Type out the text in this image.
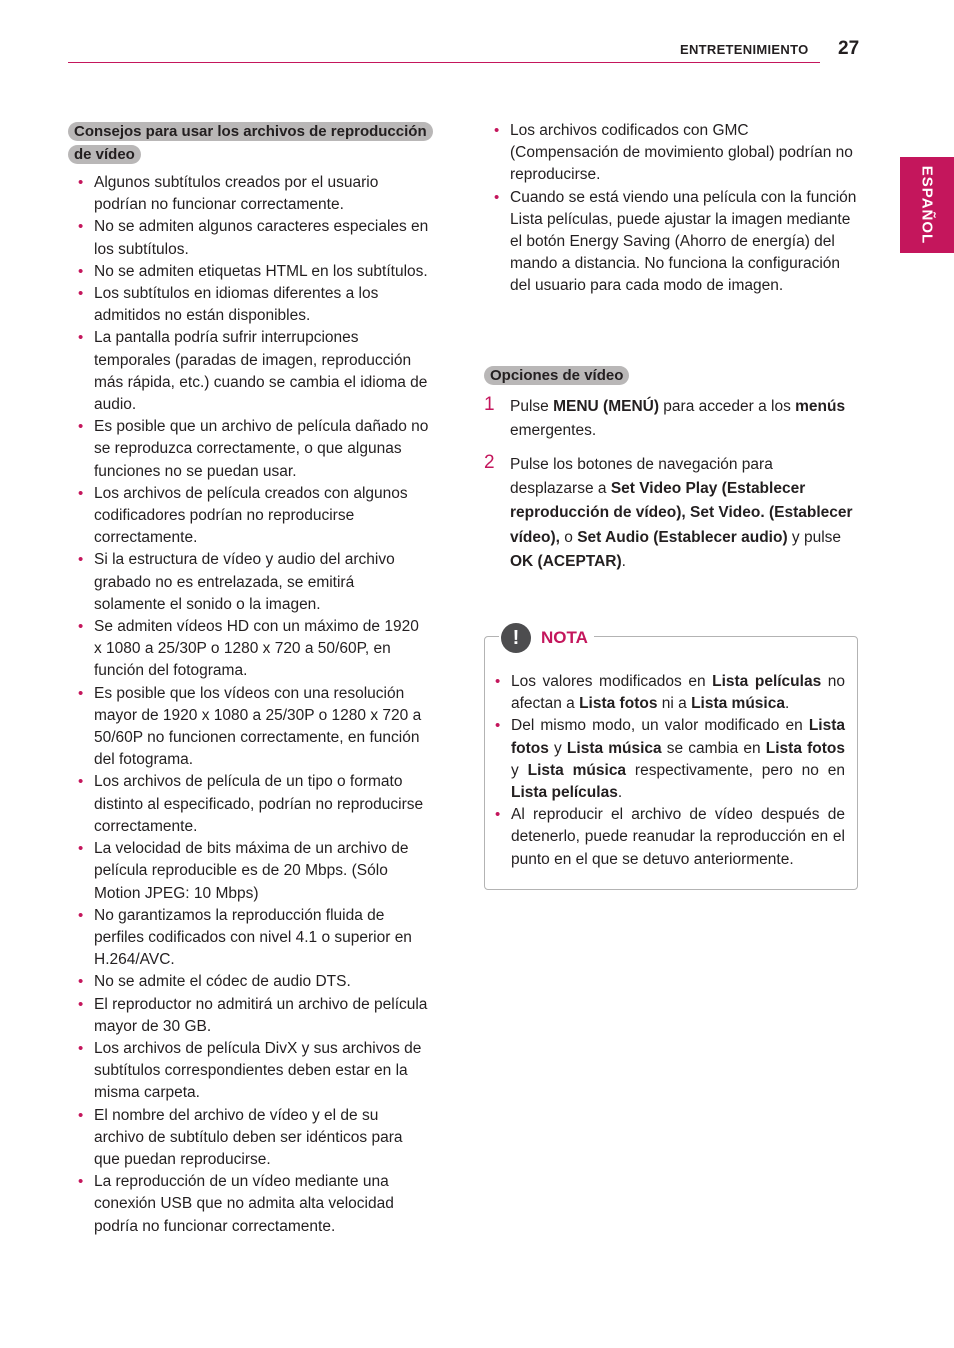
ENTRETENIMIENTO 27
ESPAÑOL
Consejos para usar los archivos de reproducción de vídeo
• Algunos subtítulos creados por el usuario podrían no funcionar correctamente.
• No se admiten algunos caracteres especiales en los subtítulos.
• No se admiten etiquetas HTML en los subtítulos.
• Los subtítulos en idiomas diferentes a los admitidos no están disponibles.
• La pantalla podría sufrir interrupciones temporales (paradas de imagen, reproducción más rápida, etc.) cuando se cambia el idioma de audio.
• Es posible que un archivo de película dañado no se reproduzca correctamente, o que algunas funciones no se puedan usar.
• Los archivos de película creados con algunos codificadores podrían no reproducirse correctamente.
• Si la estructura de vídeo y audio del archivo grabado no es entrelazada, se emitirá solamente el sonido o la imagen.
• Se admiten vídeos HD con un máximo de 1920 x 1080 a 25/30P o 1280 x 720 a 50/60P, en función del fotograma.
• Es posible que los vídeos con una resolución mayor de 1920 x 1080 a 25/30P o 1280 x 720 a 50/60P no funcionen correctamente, en función del fotograma.
• Los archivos de película de un tipo o formato distinto al especificado, podrían no reproducirse correctamente.
• La velocidad de bits máxima de un archivo de película reproducible es de 20 Mbps. (Sólo Motion JPEG: 10 Mbps)
• No garantizamos la reproducción fluida de perfiles codificados con nivel 4.1 o superior en H.264/AVC.
• No se admite el códec de audio DTS.
• El reproductor no admitirá un archivo de película mayor de 30 GB.
• Los archivos de película DivX y sus archivos de subtítulos correspondientes deben estar en la misma carpeta.
• El nombre del archivo de vídeo y el de su archivo de subtítulo deben ser idénticos para que puedan reproducirse.
• La reproducción de un vídeo mediante una conexión USB que no admita alta velocidad podría no funcionar correctamente.
• Los archivos codificados con GMC (Compensación de movimiento global) podrían no reproducirse.
• Cuando se está viendo una película con la función Lista películas, puede ajustar la imagen mediante el botón Energy Saving (Ahorro de energía) del mando a distancia. No funciona la configuración del usuario para cada modo de imagen.
Opciones de vídeo
1 Pulse MENU (MENÚ) para acceder a los menús emergentes.
2 Pulse los botones de navegación para desplazarse a Set Video Play (Establecer reproducción de vídeo), Set Video. (Establecer vídeo), o Set Audio (Establecer audio) y pulse OK (ACEPTAR).
!	NOTA
• Los valores modificados en Lista películas no afectan a Lista fotos ni a Lista música.
• Del mismo modo, un valor modificado en Lista fotos y Lista música se cambia en Lista fotos y Lista música respectivamente, pero no en Lista películas.
• Al reproducir el archivo de vídeo después de detenerlo, puede reanudar la reproducción en el punto en el que se detuvo anteriormente.
